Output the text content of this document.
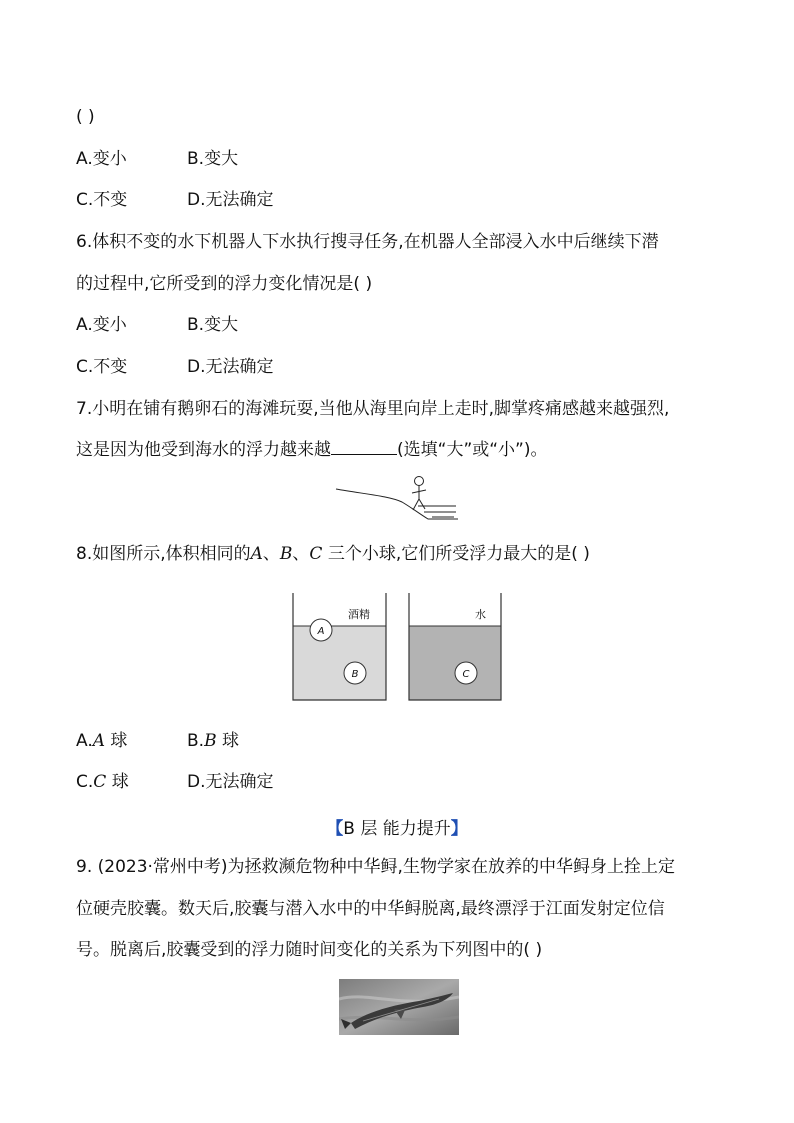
( )
A.变小	B.变大
C.不变	D.无法确定
6.体积不变的水下机器人下水执行搜寻任务,在机器人全部浸入水中后继续下潜
的过程中,它所受到的浮力变化情况是( )
A.变小	B.变大
C.不变	D.无法确定
7.小明在铺有鹅卵石的海滩玩耍,当他从海里向岸上走时,脚掌疼痛感越来越强烈,
这是因为他受到海水的浮力越来越	(选填“大”或“小”)。
8.如图所示,体积相同的A、B、C 三个小球,它们所受浮力最大的是( )
酒精
A
B
水
C
A.A 球	B.B 球
C.C 球	D.无法确定
【B 层 能力提升】
9. (2023·常州中考)为拯救濒危物种中华鲟,生物学家在放养的中华鲟身上拴上定
位硬壳胶囊。数天后,胶囊与潜入水中的中华鲟脱离,最终漂浮于江面发射定位信
号。脱离后,胶囊受到的浮力随时间变化的关系为下列图中的( )
